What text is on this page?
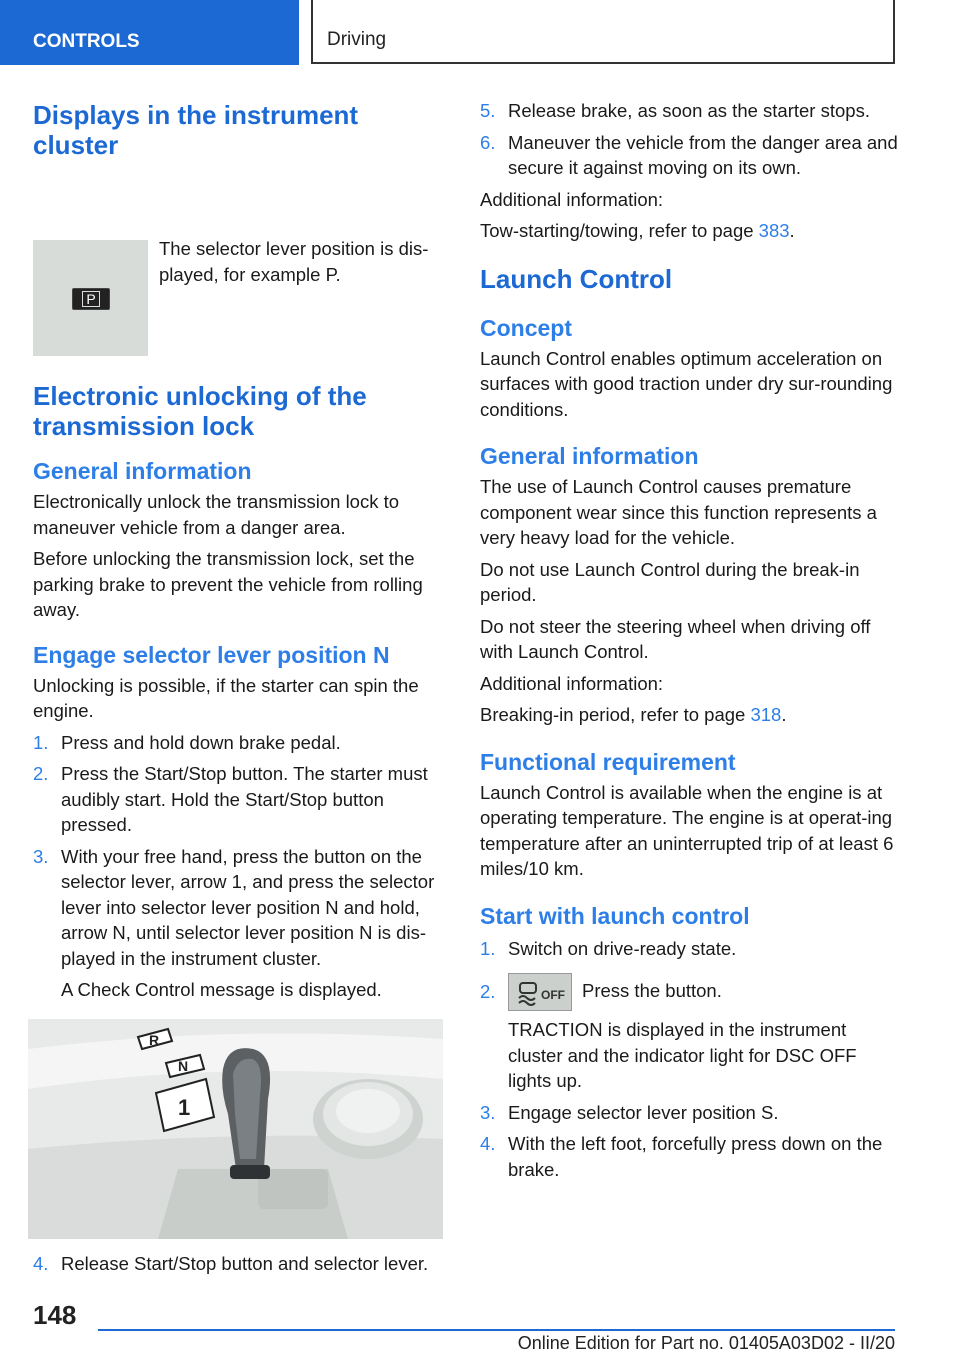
CONTROLS	Driving
Displays in the instrument cluster
P

The selector lever position is dis-played, for example P.

Electronic unlocking of the transmission lock
General information

Electronically unlock the transmission lock to maneuver vehicle from a danger area.

Before unlocking the transmission lock, set the parking brake to prevent the vehicle from rolling away.

Engage selector lever position N

Unlocking is possible, if the starter can spin the engine.

1. Press and hold down brake pedal.
2. Press the Start/Stop button. The starter must audibly start. Hold the Start/Stop button pressed.
3. With your free hand, press the button on the selector lever, arrow 1, and press the selector lever into selector lever position N and hold, arrow N, until selector lever position N is dis-played in the instrument cluster.
A Check Control message is displayed.
R
N
1
4. Release Start/Stop button and selector lever.
5. Release brake, as soon as the starter stops.
6. Maneuver the vehicle from the danger area and secure it against moving on its own.

Additional information:

Tow-starting/towing, refer to page 383.

Launch Control
Concept

Launch Control enables optimum acceleration on surfaces with good traction under dry sur-rounding conditions.

General information

The use of Launch Control causes premature component wear since this function represents a very heavy load for the vehicle.

Do not use Launch Control during the break-in period.

Do not steer the steering wheel when driving off with Launch Control.

Additional information:

Breaking-in period, refer to page 318.

Functional requirement

Launch Control is available when the engine is at operating temperature. The engine is at operat-ing temperature after an uninterrupted trip of at least 6 miles/10 km.

Start with launch control
1. Switch on drive-ready state.
2.	OFF Press the button.
TRACTION is displayed in the instrument cluster and the indicator light for DSC OFF lights up.
3. Engage selector lever position S.
4. With the left foot, forcefully press down on the brake.
148
Online Edition for Part no. 01405A03D02 - II/20
